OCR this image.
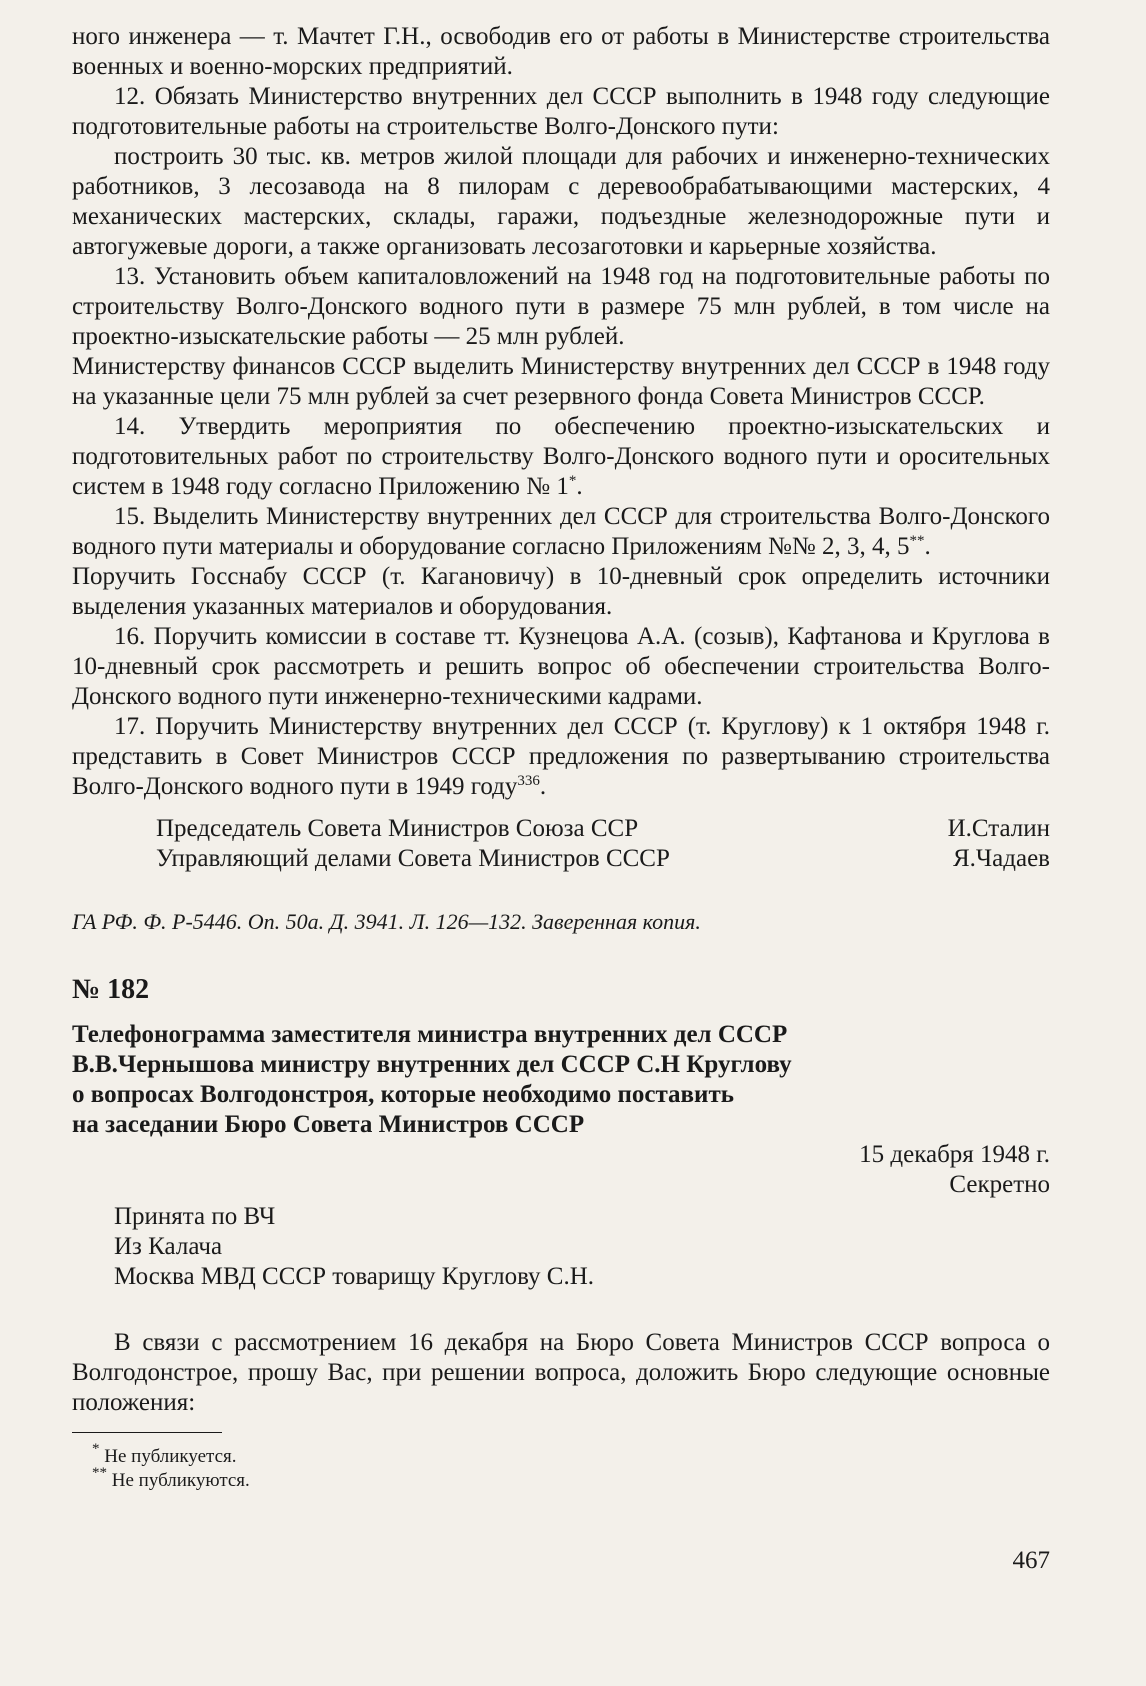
ного инженера — т. Мачтет Г.Н., освободив его от работы в Министерстве строительства военных и военно-морских предприятий.

12. Обязать Министерство внутренних дел СССР выполнить в 1948 году следующие подготовительные работы на строительстве Волго-Донского пути:

построить 30 тыс. кв. метров жилой площади для рабочих и инженерно-технических работников, 3 лесозавода на 8 пилорам с деревообрабатывающими мастерских, 4 механических мастерских, склады, гаражи, подъездные железнодорожные пути и автогужевые дороги, а также организовать лесозаготовки и карьерные хозяйства.

13. Установить объем капиталовложений на 1948 год на подготовительные работы по строительству Волго-Донского водного пути в размере 75 млн рублей, в том числе на проектно-изыскательские работы — 25 млн рублей.

Министерству финансов СССР выделить Министерству внутренних дел СССР в 1948 году на указанные цели 75 млн рублей за счет резервного фонда Совета Министров СССР.

14. Утвердить мероприятия по обеспечению проектно-изыскательских и подготовительных работ по строительству Волго-Донского водного пути и оросительных систем в 1948 году согласно Приложению № 1*.

15. Выделить Министерству внутренних дел СССР для строительства Волго-Донского водного пути материалы и оборудование согласно Приложениям №№ 2, 3, 4, 5**.

Поручить Госснабу СССР (т. Кагановичу) в 10-дневный срок определить источники выделения указанных материалов и оборудования.

16. Поручить комиссии в составе тт. Кузнецова А.А. (созыв), Кафтанова и Круглова в 10-дневный срок рассмотреть и решить вопрос об обеспечении строительства Волго-Донского водного пути инженерно-техническими кадрами.

17. Поручить Министерству внутренних дел СССР (т. Круглову) к 1 октября 1948 г. представить в Совет Министров СССР предложения по развертыванию строительства Волго-Донского водного пути в 1949 году$^{336}$.

Председатель Совета Министров Союза ССР	И.Сталин
Управляющий делами Совета Министров СССР	Я.Чадаев
ГА РФ. Ф. Р-5446. Оп. 50а. Д. 3941. Л. 126—132. Заверенная копия.
№ 182
Телефонограмма заместителя министра внутренних дел СССР
В.В.Чернышова министру внутренних дел СССР С.Н Круглову
о вопросах Волгодонстроя, которые необходимо поставить
на заседании Бюро Совета Министров СССР
15 декабря 1948 г.
Секретно
Принята по ВЧ
Из Калача
Москва МВД СССР товарищу Круглову С.Н.

В связи с рассмотрением 16 декабря на Бюро Совета Министров СССР вопроса о Волгодонстрое, прошу Вас, при решении вопроса, доложить Бюро следующие основные положения:

* Не публикуется.
** Не публикуются.
467
